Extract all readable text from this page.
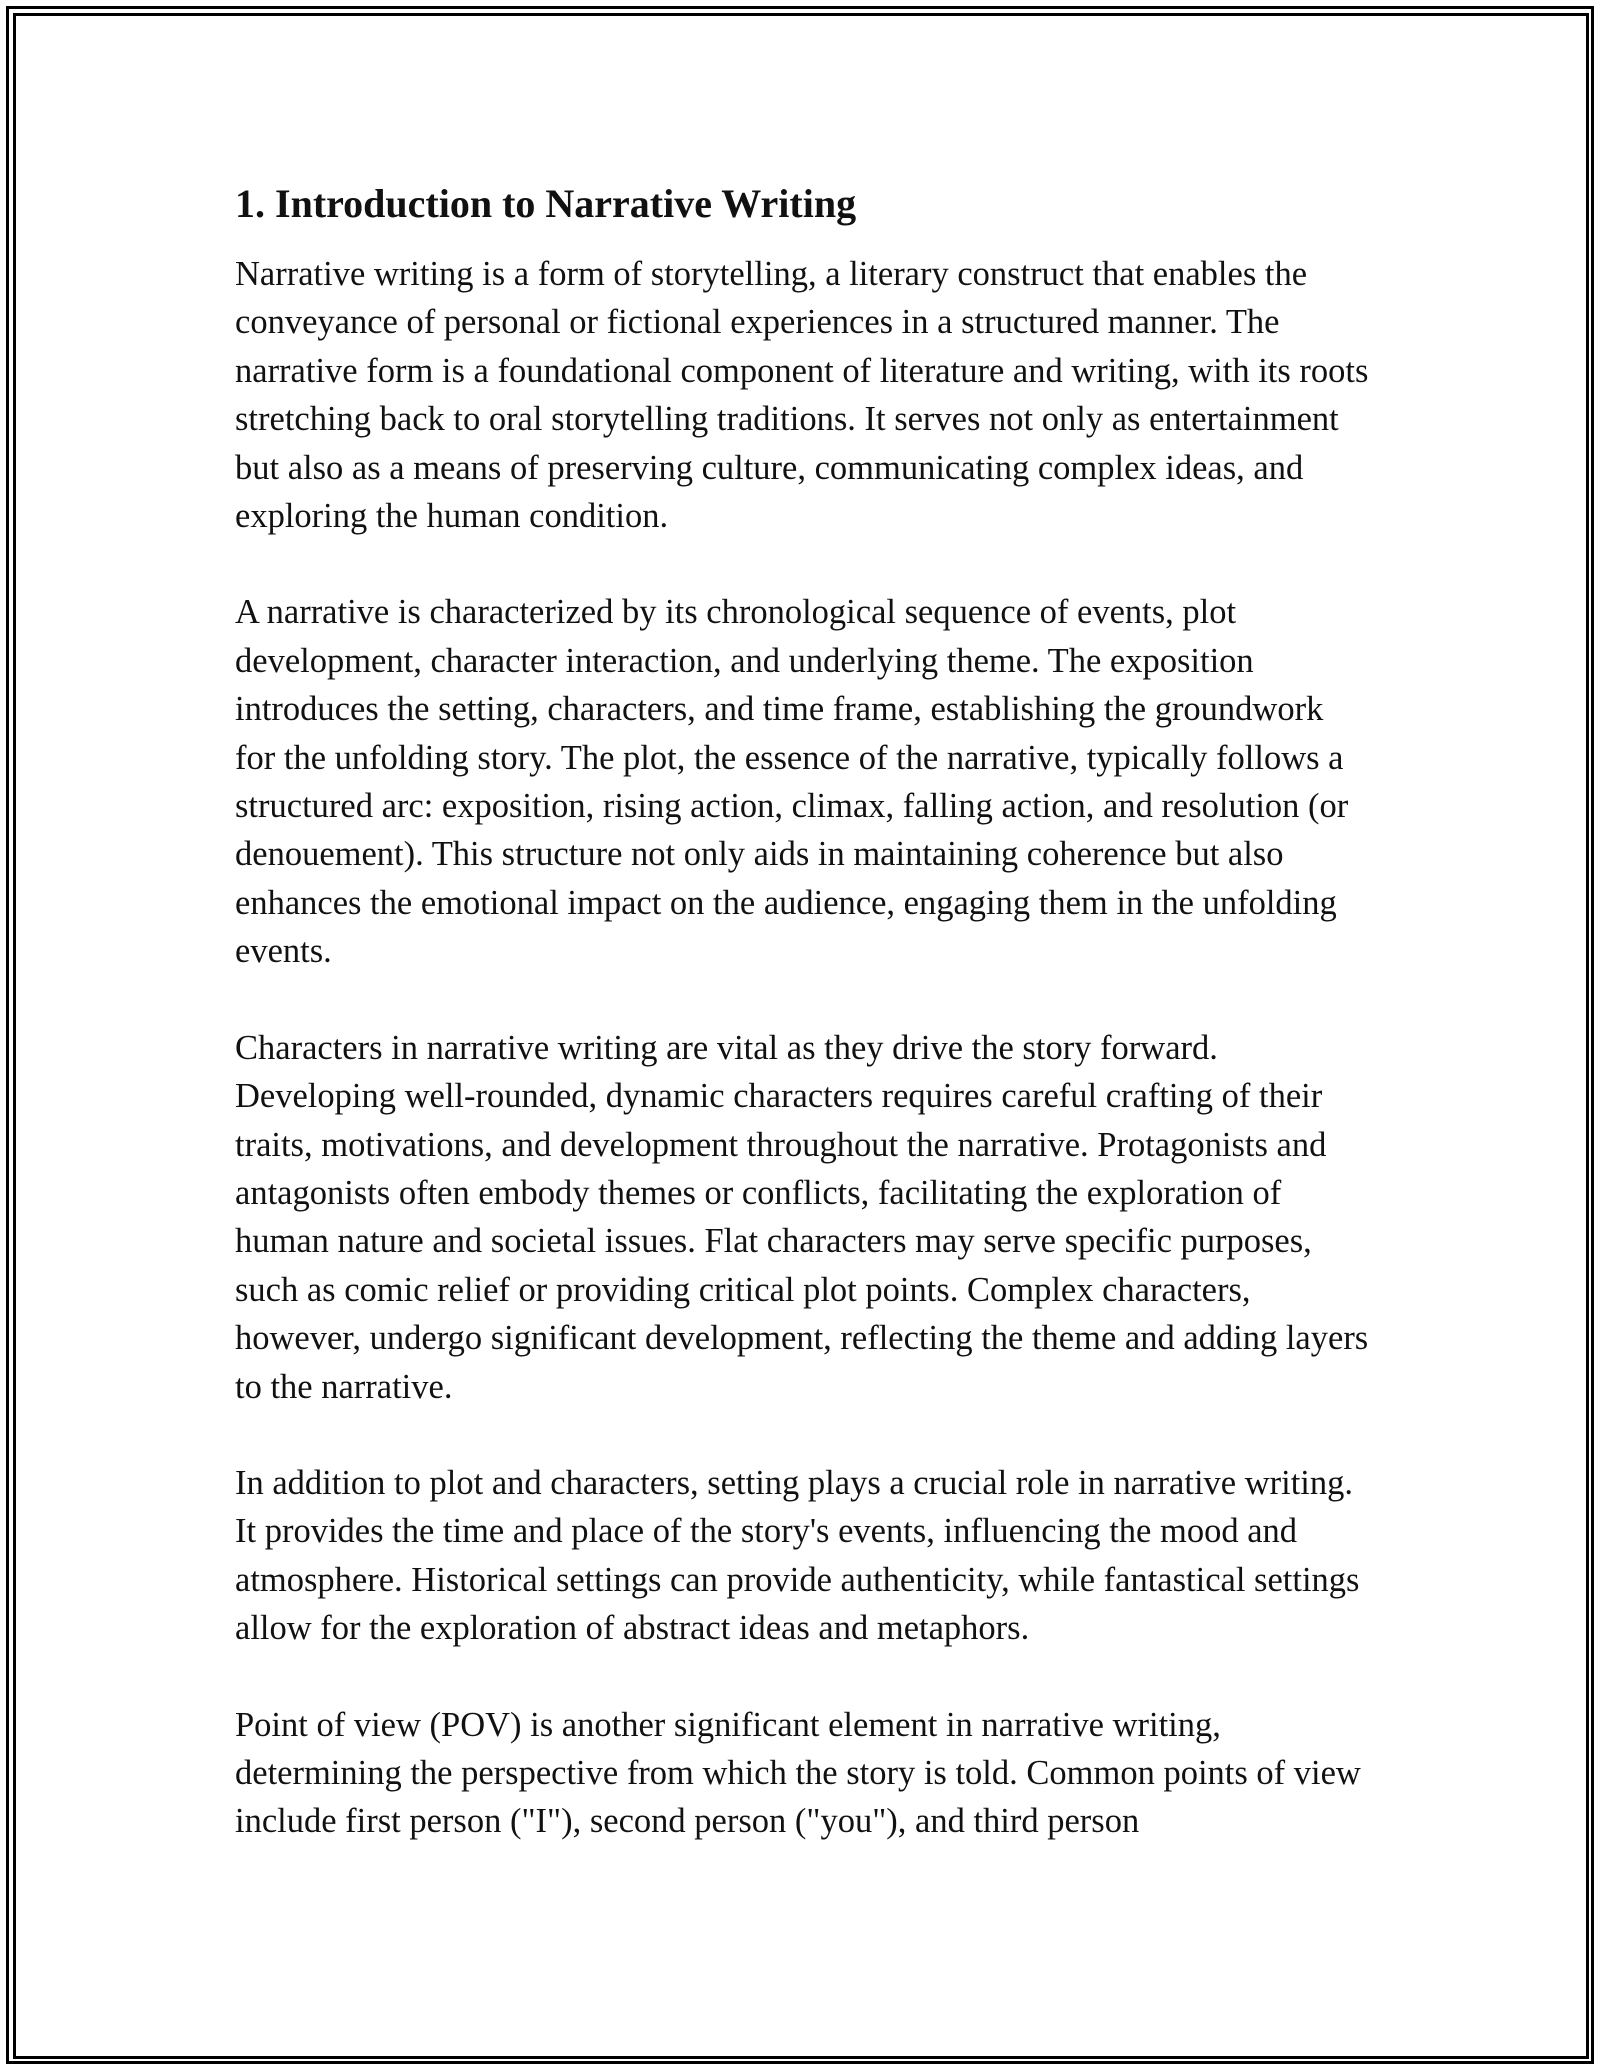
1. Introduction to Narrative Writing

Narrative writing is a form of storytelling, a literary construct that enables the conveyance of personal or fictional experiences in a structured manner. The narrative form is a foundational component of literature and writing, with its roots stretching back to oral storytelling traditions. It serves not only as entertainment but also as a means of preserving culture, communicating complex ideas, and exploring the human condition.

A narrative is characterized by its chronological sequence of events, plot development, character interaction, and underlying theme. The exposition introduces the setting, characters, and time frame, establishing the groundwork for the unfolding story. The plot, the essence of the narrative, typically follows a structured arc: exposition, rising action, climax, falling action, and resolution (or denouement). This structure not only aids in maintaining coherence but also enhances the emotional impact on the audience, engaging them in the unfolding events.

Characters in narrative writing are vital as they drive the story forward. Developing well-rounded, dynamic characters requires careful crafting of their traits, motivations, and development throughout the narrative. Protagonists and antagonists often embody themes or conflicts, facilitating the exploration of human nature and societal issues. Flat characters may serve specific purposes, such as comic relief or providing critical plot points. Complex characters, however, undergo significant development, reflecting the theme and adding layers to the narrative.

In addition to plot and characters, setting plays a crucial role in narrative writing. It provides the time and place of the story's events, influencing the mood and atmosphere. Historical settings can provide authenticity, while fantastical settings allow for the exploration of abstract ideas and metaphors.

Point of view (POV) is another significant element in narrative writing, determining the perspective from which the story is told. Common points of view include first person ("I"), second person ("you"), and third person
